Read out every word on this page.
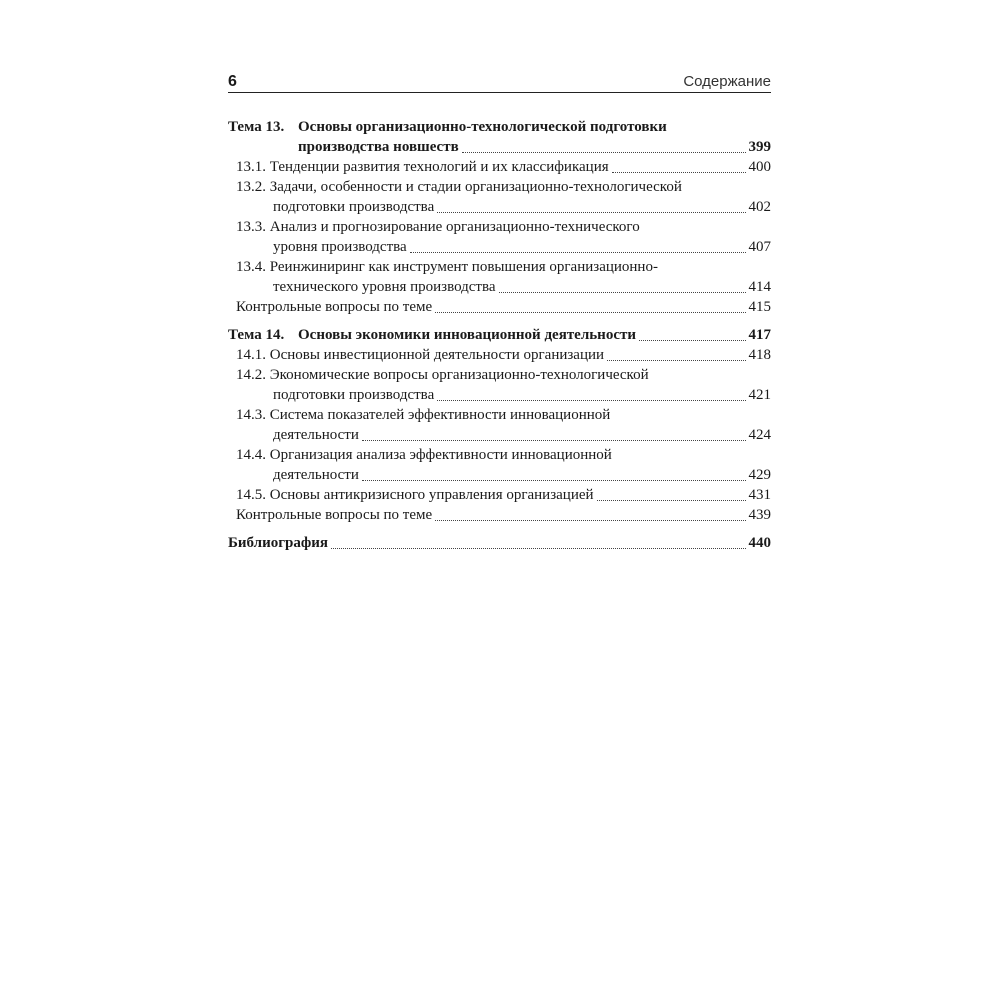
6	Содержание
Тема 13. Основы организационно-технологической подготовки
производства новшеств	399
13.1. Тенденции развития технологий и их классификация	400
13.2. Задачи, особенности и стадии организационно-технологической
подготовки производства	402
13.3. Анализ и прогнозирование организационно-технического
уровня производства	407
13.4. Реинжиниринг как инструмент повышения организационно-
технического уровня производства	414
Контрольные вопросы по теме	415
Тема 14. Основы экономики инновационной деятельности	417
14.1. Основы инвестиционной деятельности организации	418
14.2. Экономические вопросы организационно-технологической
подготовки производства	421
14.3. Система показателей эффективности инновационной
деятельности	424
14.4. Организация анализа эффективности инновационной
деятельности	429
14.5. Основы антикризисного управления организацией	431
Контрольные вопросы по теме	439
Библиография	440
